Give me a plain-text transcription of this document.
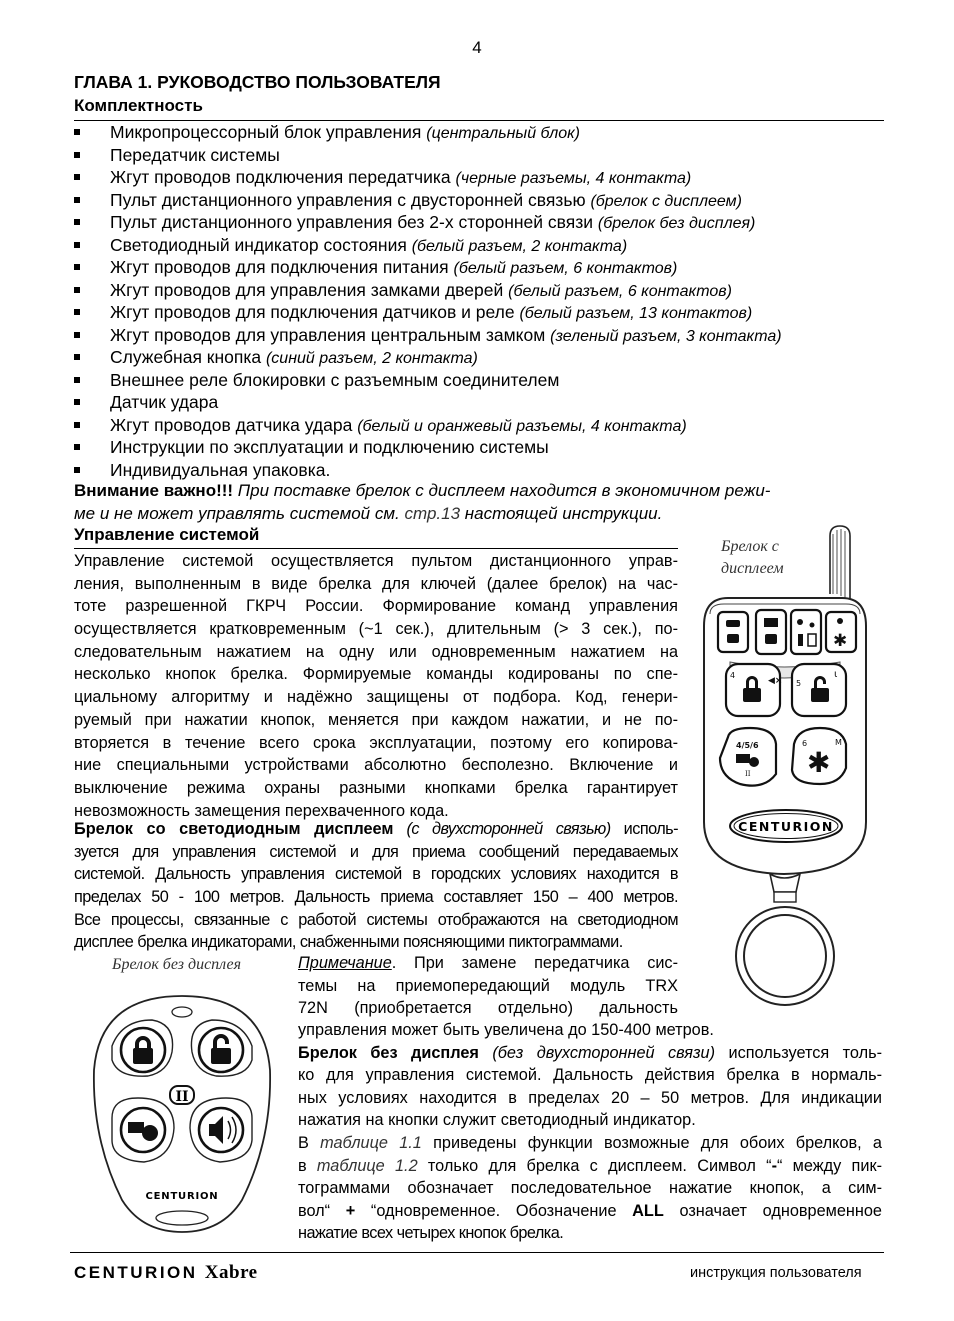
4
ГЛАВА 1. РУКОВОДСТВО ПОЛЬЗОВАТЕЛЯ
Комплектность
Микропроцессорный блок управления (центральный блок)
Передатчик системы
Жгут проводов подключения передатчика (черные разъемы, 4 контакта)
Пульт дистанционного управления с двусторонней связью (брелок с дисплеем)
Пульт дистанционного управления без 2-х сторонней связи (брелок без дисплея)
Светодиодный индикатор состояния (белый разъем, 2 контакта)
Жгут проводов для подключения питания (белый разъем, 6 контактов)
Жгут проводов для управления замками дверей (белый разъем, 6 контактов)
Жгут проводов для подключения датчиков и реле (белый разъем, 13 контактов)
Жгут проводов для управления центральным замком (зеленый разъем, 3 контакта)
Служебная кнопка (синий разъем, 2 контакта)
Внешнее реле блокировки с разъемным соединителем
Датчик удара
Жгут проводов датчика удара (белый и оранжевый разъемы, 4 контакта)
Инструкции по эксплуатации и подключению системы
Индивидуальная упаковка.
Внимание важно!!! При поставке брелок с дисплеем находится в экономичном режи-
ме и не может управлять системой см. стр.13 настоящей инструкции.
Управление системой
Управление системой осуществляется пультом дистанционного управ-
ления, выполненным в виде брелка для ключей (далее брелок) на час-
тоте разрешенной ГКРЧ России. Формирование команд управления
осуществляется кратковременным (~1 сек.), длительным (> 3 сек.), по-
следовательным нажатием на одну или одновременным нажатием на
несколько кнопок брелка. Формируемые команды кодированы по спе-
циальному алгоритму и надёжно защищены от подбора. Код, генери-
руемый при нажатии кнопок, меняется при каждом нажатии, и не по-
вторяется в течение всего срока эксплуатации, поэтому его копирова-
ние специальными устройствами абсолютно бесполезно. Включение и
выключение режима охраны разными кнопками брелка гарантирует
невозможность замещения перехваченного кода.
Брелок со светодиодным дисплеем (с двухсторонней связью) исполь-
зуется для управления системой и для приема сообщений передаваемых
системой. Дальность управления системой в городских условиях находится в
пределах 50 - 100 метров. Дальность приема составляет 150 – 400 метров.
Все процессы, связанные с работой системы отображаются на светодиодном
дисплее брелка индикаторами, снабженными поясняющими пиктограммами.
Брелок без дисплея	Примечание. При замене передатчика сис-
темы на приемопередающий модуль TRX
72N (приобретается отдельно) дальность
управления может быть увеличена до 150-400 метров.
Брелок без дисплея (без двухсторонней связи) используется толь-
ко для управления системой. Дальность действия брелка в нормаль-
ных условиях находится в пределах 20 – 50 метров. Для индикации
нажатия на кнопки служит светодиодный индикатор.
В таблице 1.1 приведены функции возможные для обоих брелков, а
в таблице 1.2 только для брелка с дисплеем. Символ “-“ между пик-
тограммами обозначает последовательное нажатие кнопок, а сим-
вол“ + “одновременное. Обозначение ALL означает одновременное
нажатие всех четырех кнопок брелка.
Брелок с
дисплеем
✱
4
5
◀×
ɩ
4/5/6
II
6	M
✱
CENTURION
II
CENTURION
CENTURION Xabre	инструкция пользователя
